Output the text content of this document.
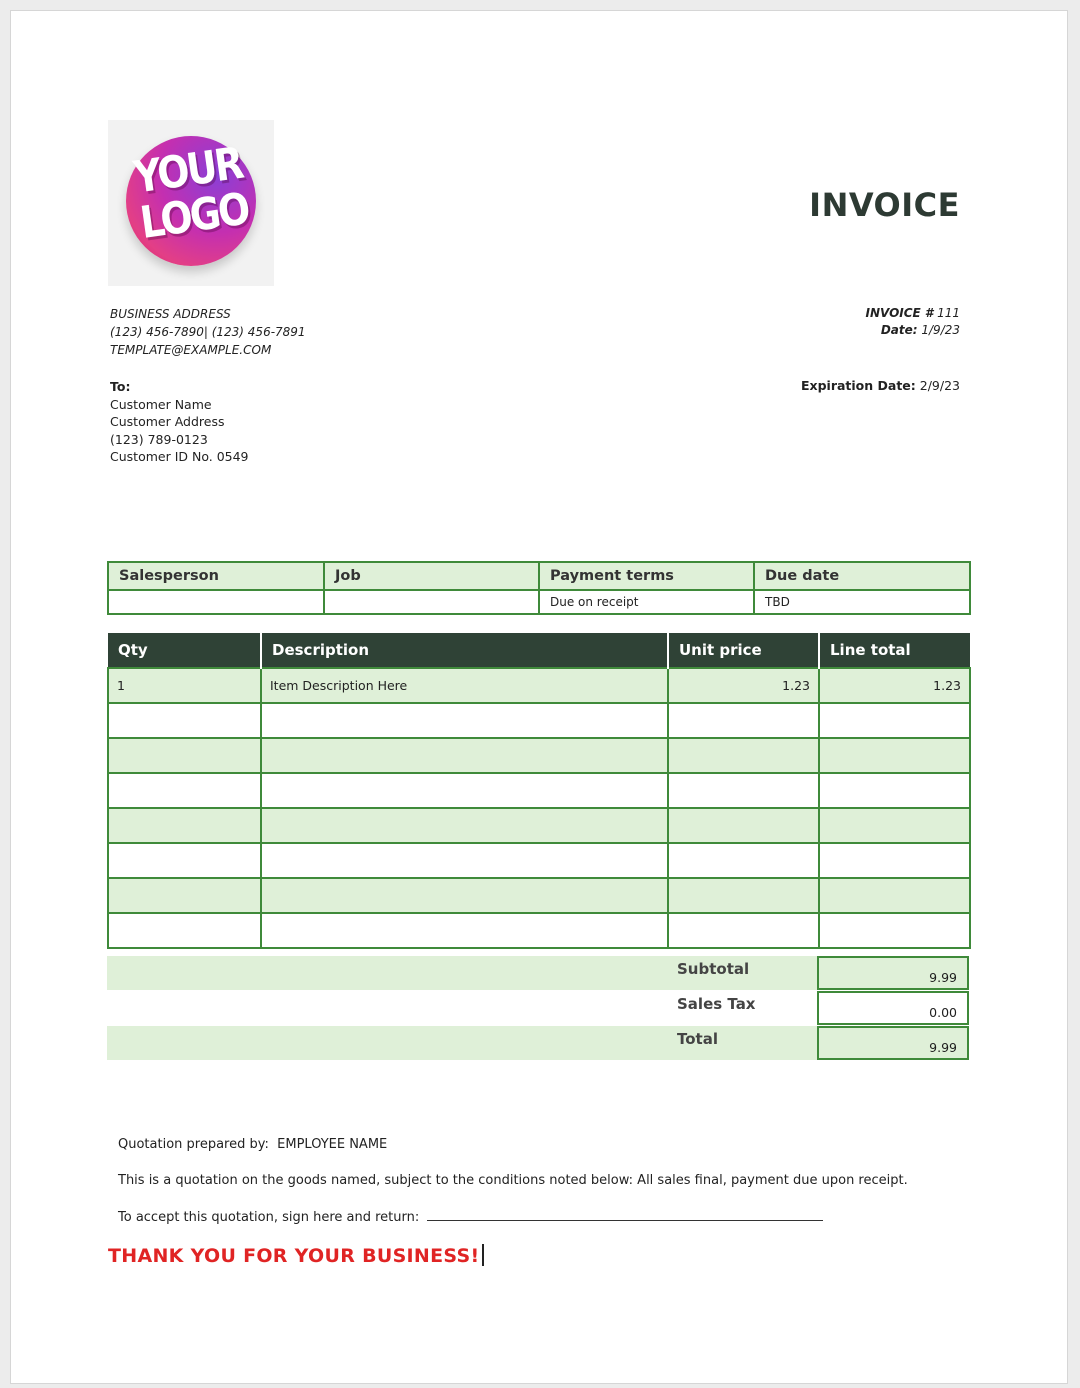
YOUR
LOGO	INVOICE
BUSINESS ADDRESS
(123) 456-7890| (123) 456-7891
TEMPLATE@EXAMPLE.COM
INVOICE # 111
Date: 1/9/23
Expiration Date: 2/9/23
To:
Customer Name
Customer Address
(123) 789-0123
Customer ID No. 0549
Salesperson	Job	Payment terms	Due date
		Due on receipt	TBD
Qty	Description	Unit price	Line total
1	Item Description Here	1.23	1.23

Subtotal	9.99
Sales Tax	0.00
Total	9.99
Quotation prepared by: EMPLOYEE NAME
This is a quotation on the goods named, subject to the conditions noted below: All sales final, payment due upon receipt.
To accept this quotation, sign here and return:
THANK YOU FOR YOUR BUSINESS!
